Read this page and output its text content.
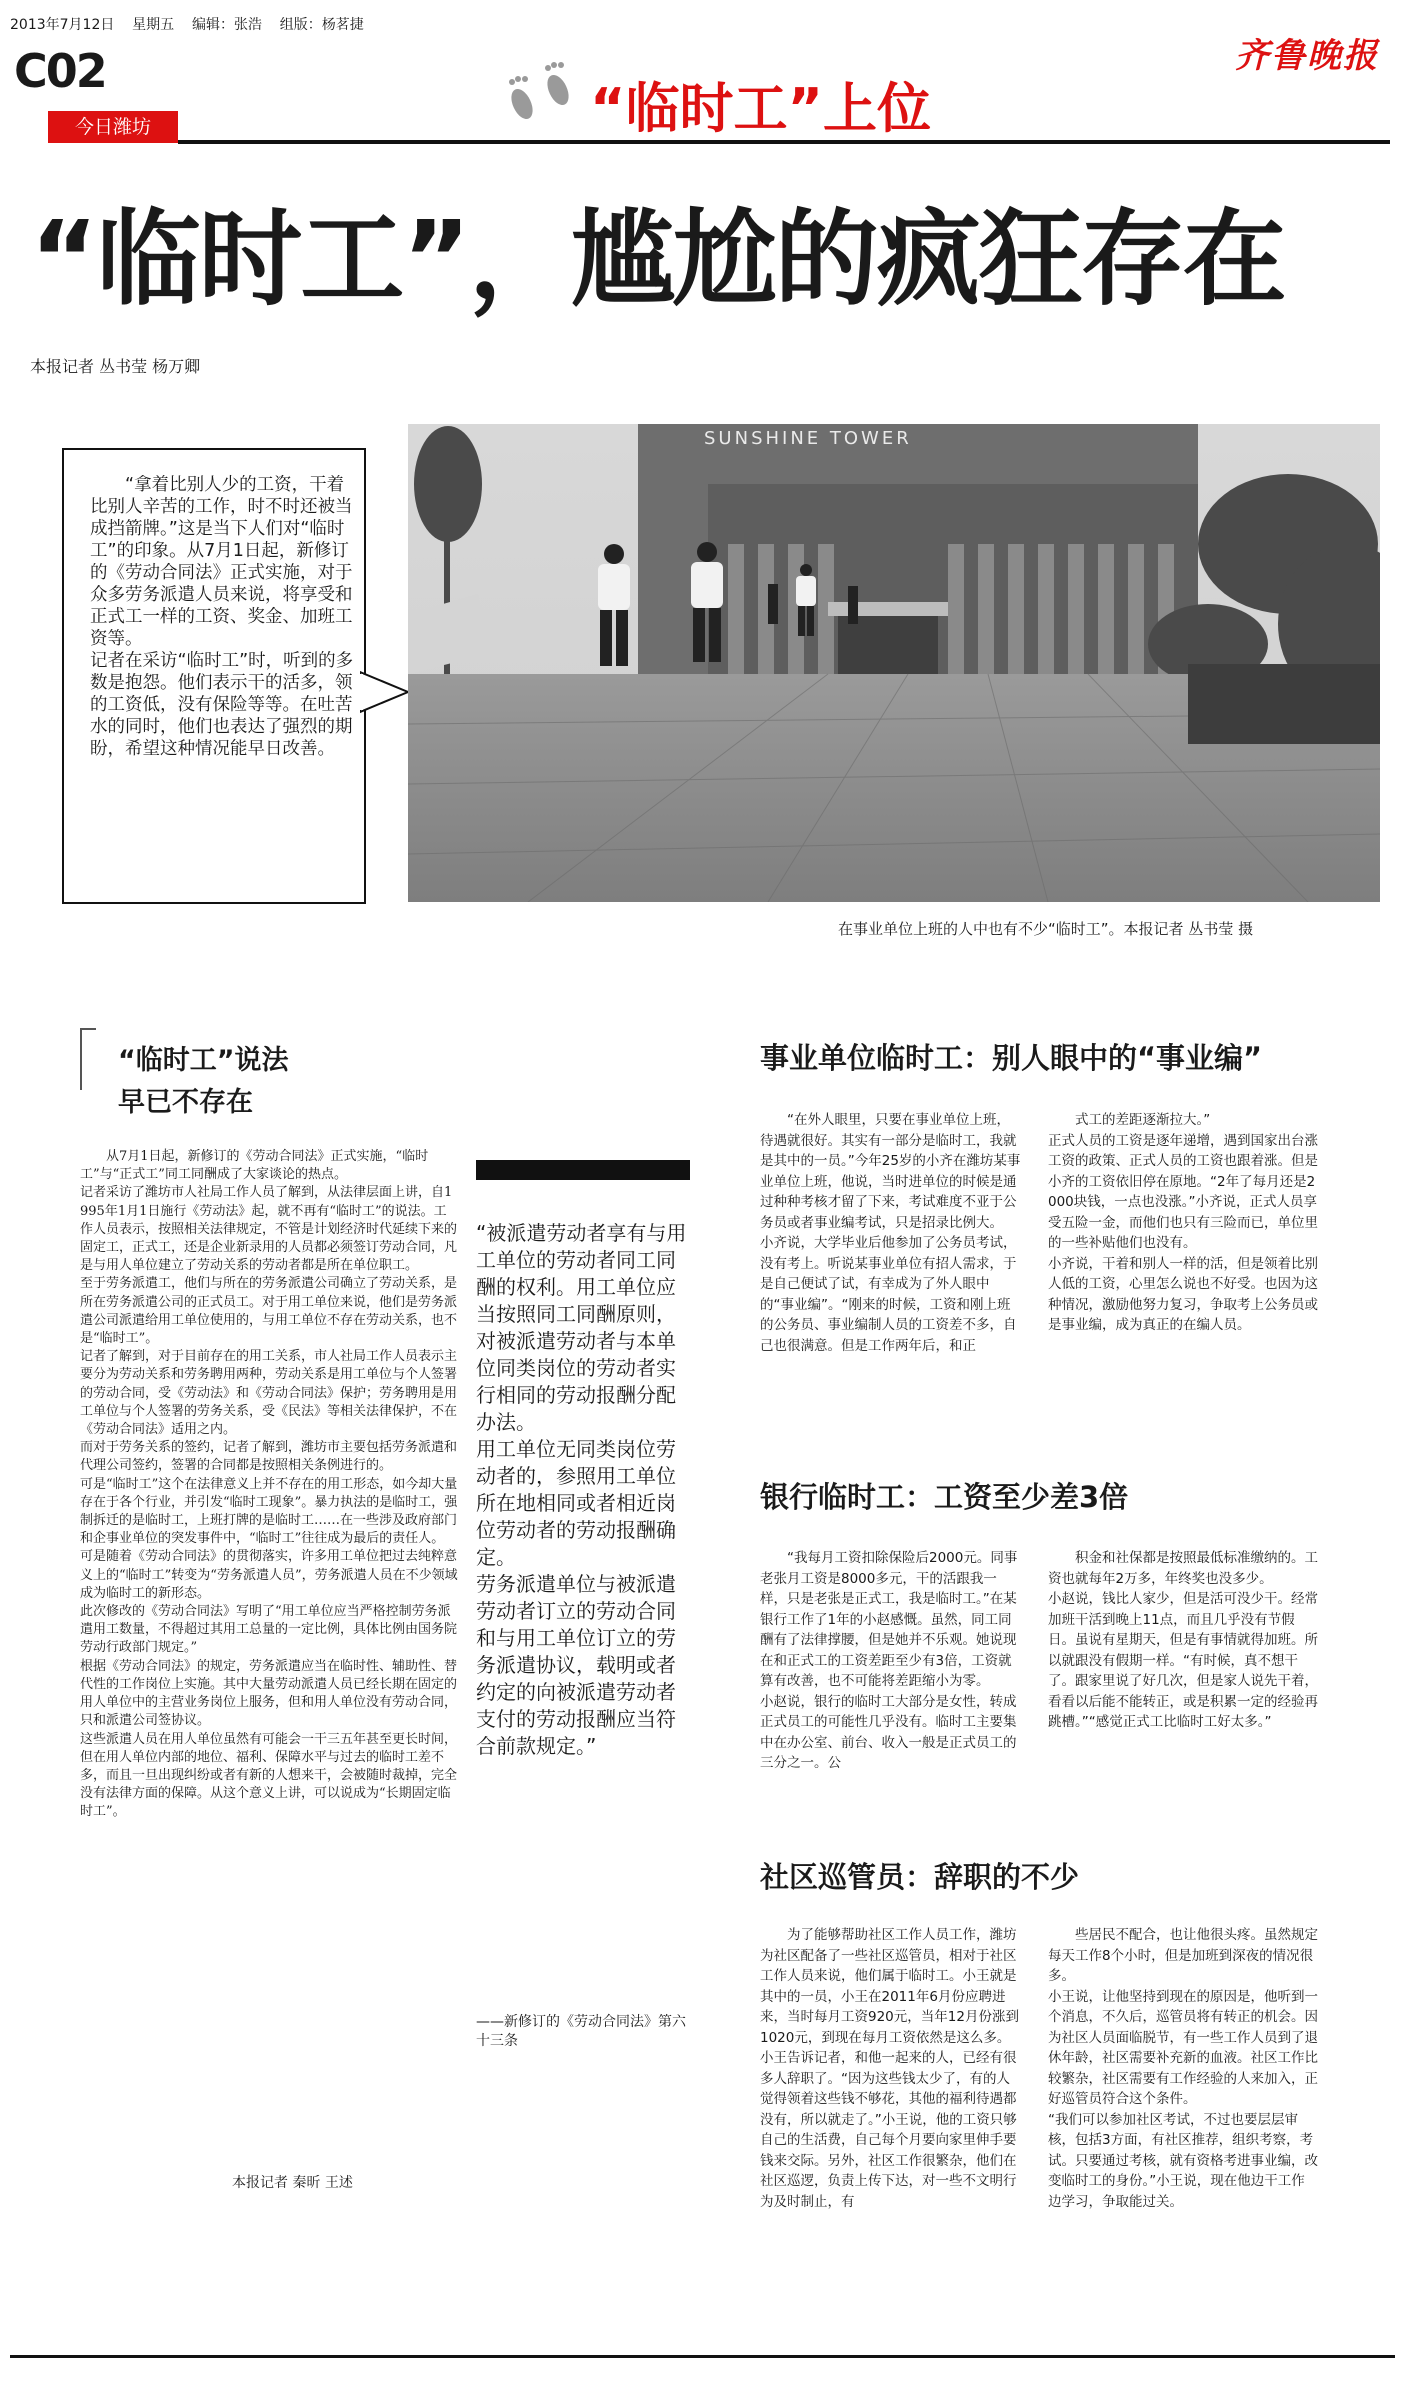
2013年7月12日    星期五    编辑：张浩    组版：杨茗捷
C02	齐鲁晚报
今日潍坊	“临时工”上位
“临时工”，尴尬的疯狂存在
本报记者 丛书莹 杨万卿
“拿着比别人少的工资，干着比别人辛苦的工作，时不时还被当成挡箭牌。”这是当下人们对“临时工”的印象。从7月1日起，新修订的《劳动合同法》正式实施，对于众多劳务派遣人员来说，将享受和正式工一样的工资、奖金、加班工资等。
记者在采访“临时工”时，听到的多数是抱怨。他们表示干的活多，领的工资低，没有保险等等。在吐苦水的同时，他们也表达了强烈的期盼，希望这种情况能早日改善。
SUNSHINE TOWER
在事业单位上班的人中也有不少“临时工”。本报记者 丛书莹 摄
“临时工”说法
早已不存在
从7月1日起，新修订的《劳动合同法》正式实施，“临时工”与“正式工”同工同酬成了大家谈论的热点。
记者采访了潍坊市人社局工作人员了解到，从法律层面上讲，自1995年1月1日施行《劳动法》起，就不再有“临时工”的说法。工作人员表示，按照相关法律规定，不管是计划经济时代延续下来的固定工，正式工，还是企业新录用的人员都必须签订劳动合同，凡是与用人单位建立了劳动关系的劳动者都是所在单位职工。
至于劳务派遣工，他们与所在的劳务派遣公司确立了劳动关系，是所在劳务派遣公司的正式员工。对于用工单位来说，他们是劳务派遣公司派遣给用工单位使用的，与用工单位不存在劳动关系，也不是“临时工”。
记者了解到，对于目前存在的用工关系，市人社局工作人员表示主要分为劳动关系和劳务聘用两种，劳动关系是用工单位与个人签署的劳动合同，受《劳动法》和《劳动合同法》保护；劳务聘用是用工单位与个人签署的劳务关系，受《民法》等相关法律保护，不在《劳动合同法》适用之内。
而对于劳务关系的签约，记者了解到，潍坊市主要包括劳务派遣和代理公司签约，签署的合同都是按照相关条例进行的。
可是“临时工”这个在法律意义上并不存在的用工形态，如今却大量存在于各个行业，并引发“临时工现象”。暴力执法的是临时工，强制拆迁的是临时工，上班打牌的是临时工……在一些涉及政府部门和企事业单位的突发事件中，“临时工”往往成为最后的责任人。
可是随着《劳动合同法》的贯彻落实，许多用工单位把过去纯粹意义上的“临时工”转变为“劳务派遣人员”，劳务派遣人员在不少领域成为临时工的新形态。
此次修改的《劳动合同法》写明了“用工单位应当严格控制劳务派遣用工数量，不得超过其用工总量的一定比例，具体比例由国务院劳动行政部门规定。”
根据《劳动合同法》的规定，劳务派遣应当在临时性、辅助性、替代性的工作岗位上实施。其中大量劳动派遣人员已经长期在固定的用人单位中的主营业务岗位上服务，但和用人单位没有劳动合同，只和派遣公司签协议。
这些派遣人员在用人单位虽然有可能会一干三五年甚至更长时间，但在用人单位内部的地位、福利、保障水平与过去的临时工差不多，而且一旦出现纠纷或者有新的人想来干，会被随时裁掉，完全没有法律方面的保障。从这个意义上讲，可以说成为“长期固定临时工”。
本报记者 秦昕 王述
“被派遣劳动者享有与用工单位的劳动者同工同酬的权利。用工单位应当按照同工同酬原则，对被派遣劳动者与本单位同类岗位的劳动者实行相同的劳动报酬分配办法。
用工单位无同类岗位劳动者的，参照用工单位所在地相同或者相近岗位劳动者的劳动报酬确定。
劳务派遣单位与被派遣劳动者订立的劳动合同和与用工单位订立的劳务派遣协议，载明或者约定的向被派遣劳动者支付的劳动报酬应当符合前款规定。”
——新修订的《劳动合同法》第六十三条
事业单位临时工：别人眼中的“事业编”
“在外人眼里，只要在事业单位上班，待遇就很好。其实有一部分是临时工，我就是其中的一员。”今年25岁的小齐在潍坊某事业单位上班，他说，当时进单位的时候是通过种种考核才留了下来，考试难度不亚于公务员或者事业编考试，只是招录比例大。
小齐说，大学毕业后他参加了公务员考试，没有考上。听说某事业单位有招人需求，于是自己便试了试，有幸成为了外人眼中的“事业编”。“刚来的时候，工资和刚上班的公务员、事业编制人员的工资差不多，自己也很满意。但是工作两年后，和正
式工的差距逐渐拉大。”
正式人员的工资是逐年递增，遇到国家出台涨工资的政策、正式人员的工资也跟着涨。但是小齐的工资依旧停在原地。“2年了每月还是2000块钱，一点也没涨。”小齐说，正式人员享受五险一金，而他们也只有三险而已，单位里的一些补贴他们也没有。
小齐说，干着和别人一样的活，但是领着比别人低的工资，心里怎么说也不好受。也因为这种情况，激励他努力复习，争取考上公务员或是事业编，成为真正的在编人员。
银行临时工：工资至少差3倍
“我每月工资扣除保险后2000元。同事老张月工资是8000多元，干的活跟我一样，只是老张是正式工，我是临时工。”在某银行工作了1年的小赵感慨。虽然，同工同酬有了法律撑腰，但是她并不乐观。她说现在和正式工的工资差距至少有3倍，工资就算有改善，也不可能将差距缩小为零。
小赵说，银行的临时工大部分是女性，转成正式员工的可能性几乎没有。临时工主要集中在办公室、前台、收入一般是正式员工的三分之一。公
积金和社保都是按照最低标准缴纳的。工资也就每年2万多，年终奖也没多少。
小赵说，钱比人家少，但是活可没少干。经常加班干活到晚上11点，而且几乎没有节假日。虽说有星期天，但是有事情就得加班。所以就跟没有假期一样。“有时候，真不想干了。跟家里说了好几次，但是家人说先干着，看看以后能不能转正，或是积累一定的经验再跳槽。”“感觉正式工比临时工好太多。”
社区巡管员：辞职的不少
为了能够帮助社区工作人员工作，潍坊为社区配备了一些社区巡管员，相对于社区工作人员来说，他们属于临时工。小王就是其中的一员，小王在2011年6月份应聘进来，当时每月工资920元，当年12月份涨到1020元，到现在每月工资依然是这么多。
小王告诉记者，和他一起来的人，已经有很多人辞职了。“因为这些钱太少了，有的人觉得领着这些钱不够花，其他的福利待遇都没有，所以就走了。”小王说，他的工资只够自己的生活费，自己每个月要向家里伸手要钱来交际。另外，社区工作很繁杂，他们在社区巡逻，负责上传下达，对一些不文明行为及时制止，有
些居民不配合，也让他很头疼。虽然规定每天工作8个小时，但是加班到深夜的情况很多。
小王说，让他坚持到现在的原因是，他听到一个消息，不久后，巡管员将有转正的机会。因为社区人员面临脱节，有一些工作人员到了退休年龄，社区需要补充新的血液。社区工作比较繁杂，社区需要有工作经验的人来加入，正好巡管员符合这个条件。
“我们可以参加社区考试，不过也要层层审核，包括3方面，有社区推荐，组织考察，考试。只要通过考核，就有资格考进事业编，改变临时工的身份。”小王说，现在他边干工作边学习，争取能过关。
